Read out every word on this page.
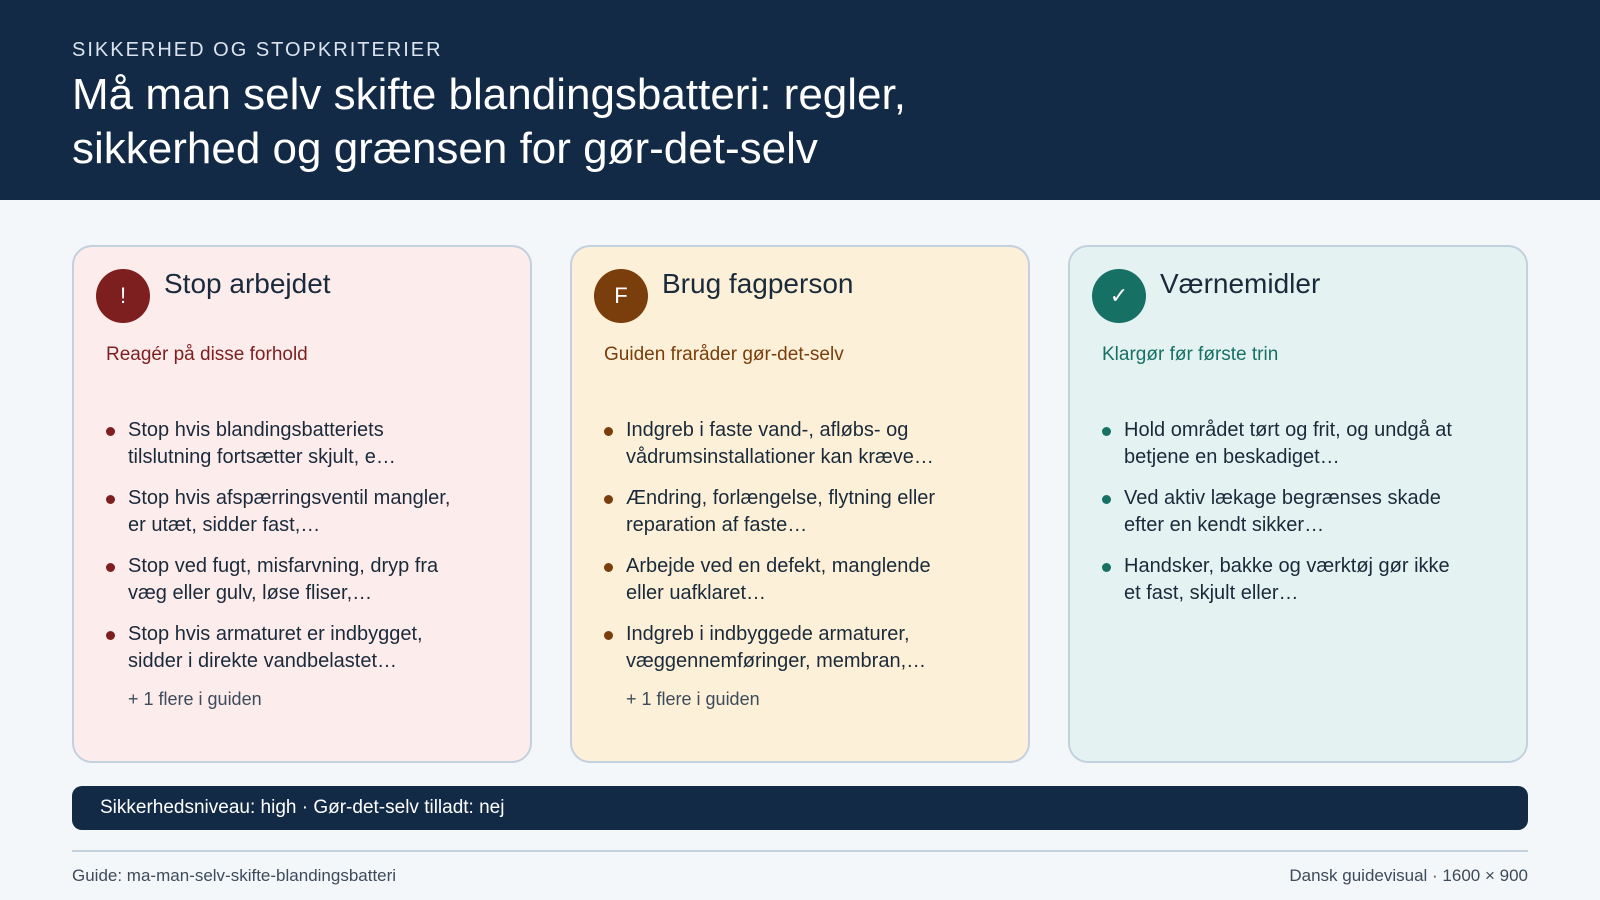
SIKKERHED OG STOPKRITERIER
Må man selv skifte blandingsbatteri: regler, sikkerhed og grænsen for gør-det-selv
!	Stop arbejdet
Reagér på disse forhold
Stop hvis blandingsbatteriets tilslutning fortsætter skjult, e…
Stop hvis afspærringsventil mangler, er utæt, sidder fast,…
Stop ved fugt, misfarvning, dryp fra væg eller gulv, løse fliser,…
Stop hvis armaturet er indbygget, sidder i direkte vandbelastet…
+ 1 flere i guiden
F	Brug fagperson
Guiden fraråder gør-det-selv
Indgreb i faste vand-, afløbs- og vådrumsinstallationer kan kræve…
Ændring, forlængelse, flytning eller reparation af faste…
Arbejde ved en defekt, manglende eller uafklaret…
Indgreb i indbyggede armaturer, væggennemføringer, membran,…
+ 1 flere i guiden
✓	Værnemidler
Klargør før første trin
Hold området tørt og frit, og undgå at betjene en beskadiget…
Ved aktiv lækage begrænses skade efter en kendt sikker…
Handsker, bakke og værktøj gør ikke et fast, skjult eller…
Sikkerhedsniveau: high · Gør-det-selv tilladt: nej
Guide: ma-man-selv-skifte-blandingsbatteri	Dansk guidevisual · 1600 × 900
